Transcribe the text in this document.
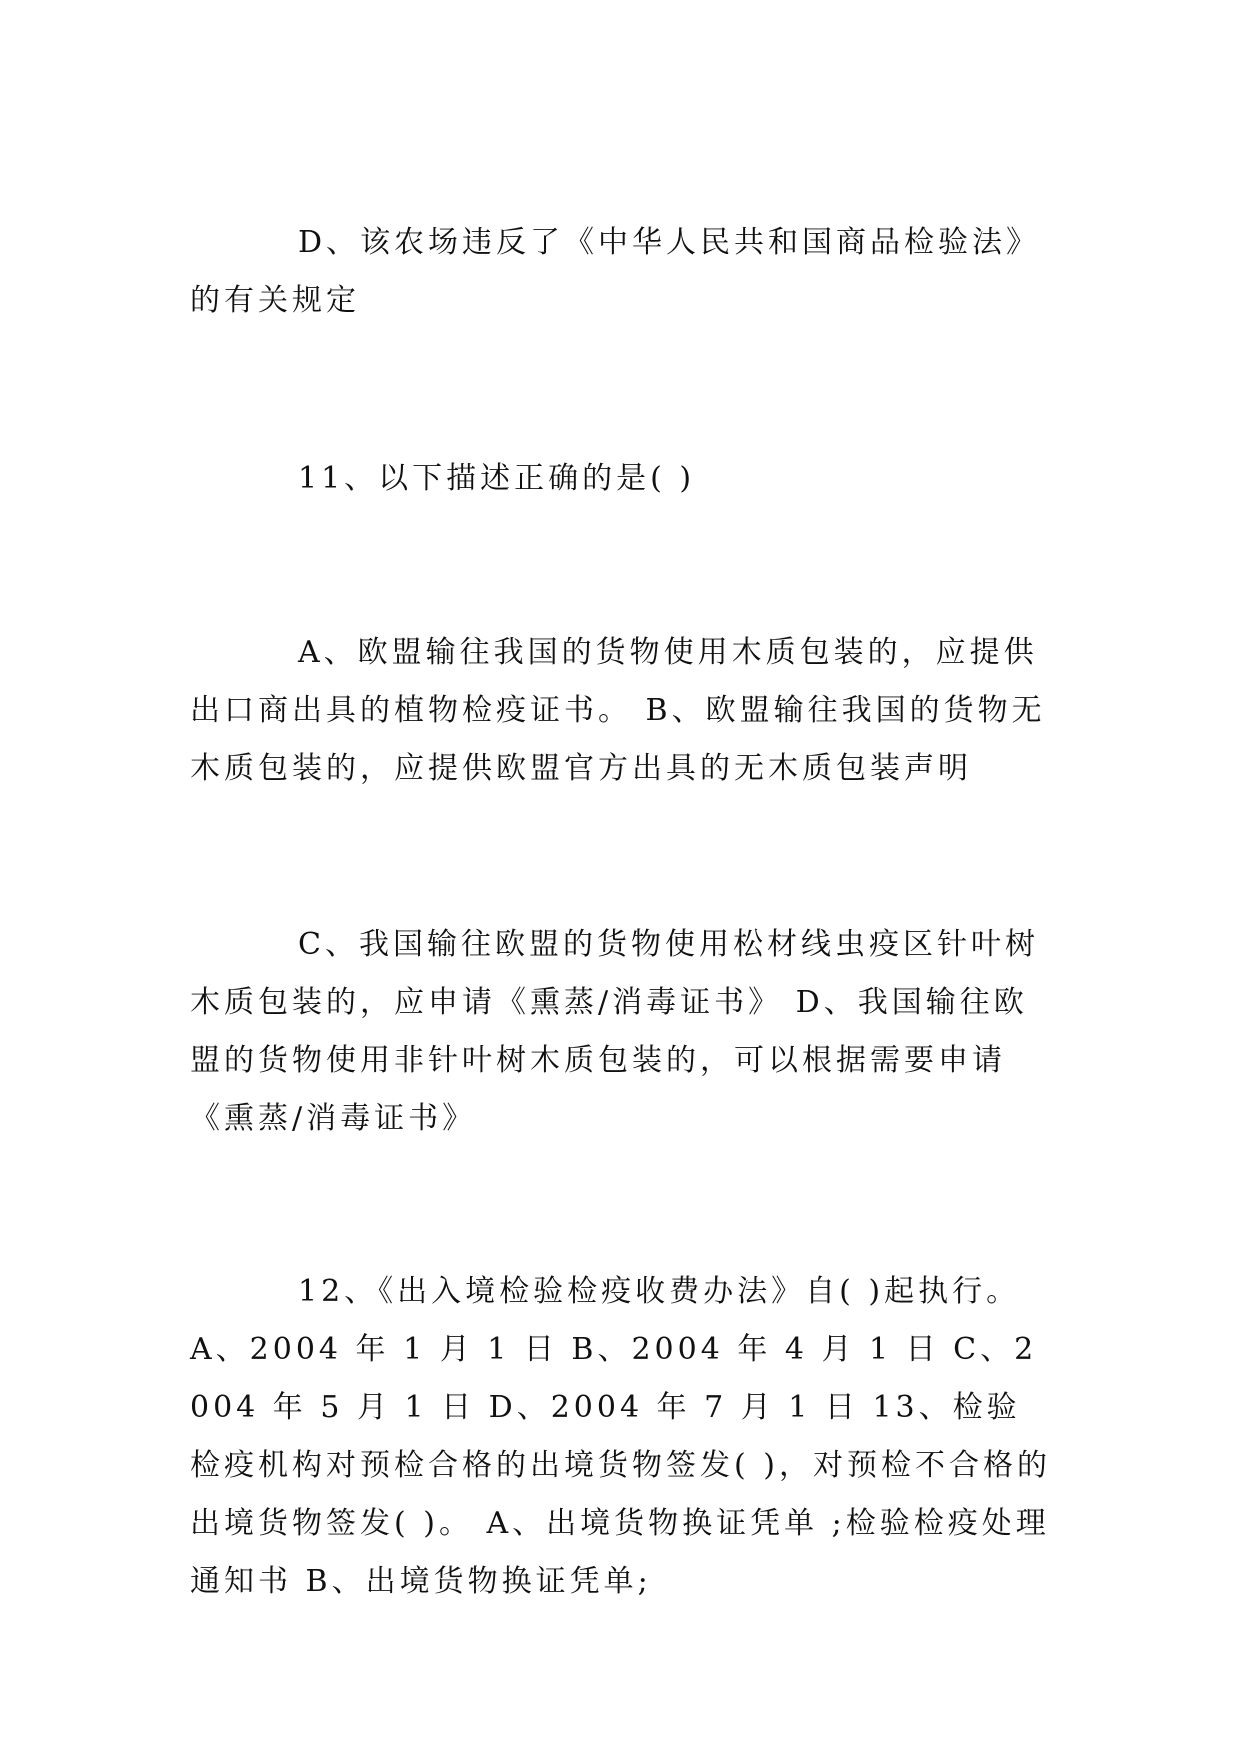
D、该农场违反了《中华人民共和国商品检验法》的有关规定

11、以下描述正确的是( )

A、欧盟输往我国的货物使用木质包装的，应提供出口商出具的植物检疫证书。 B、欧盟输往我国的货物无木质包装的，应提供欧盟官方出具的无木质包装声明

C、我国输往欧盟的货物使用松材线虫疫区针叶树木质包装的，应申请《熏蒸/消毒证书》 D、我国输往欧盟的货物使用非针叶树木质包装的，可以根据需要申请《熏蒸/消毒证书》

12、《出入境检验检疫收费办法》自( )起执行。 A、2004 年 1 月 1 日 B、2004 年 4 月 1 日 C、2004 年 5 月 1 日 D、2004 年 7 月 1 日 13、检验检疫机构对预检合格的出境货物签发( )，对预检不合格的出境货物签发( )。 A、出境货物换证凭单 ;检验检疫处理通知书 B、出境货物换证凭单;
